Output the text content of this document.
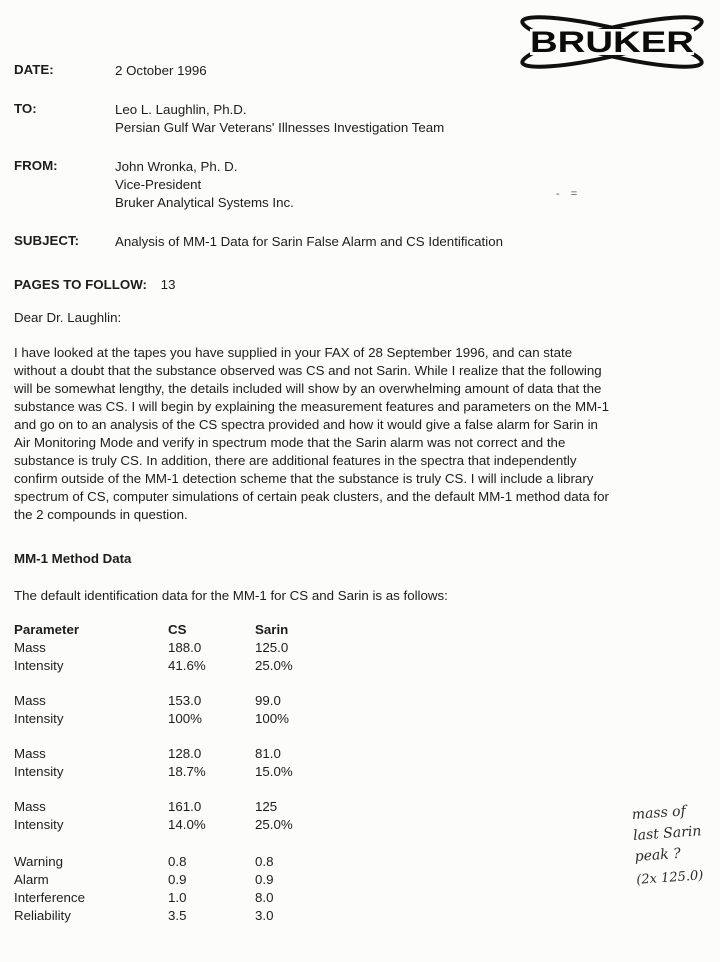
BRUKER
- =
DATE:	2 October 1996
TO:	Leo L. Laughlin, Ph.D.
Persian Gulf War Veterans' Illnesses Investigation Team
FROM:	John Wronka, Ph. D.
Vice-President
Bruker Analytical Systems Inc.
SUBJECT:	Analysis of MM-1 Data for Sarin False Alarm and CS Identification
PAGES TO FOLLOW: 13
Dear Dr. Laughlin:
I have looked at the tapes you have supplied in your FAX of 28 September 1996, and can state without a doubt that the substance observed was CS and not Sarin. While I realize that the following will be somewhat lengthy, the details included will show by an overwhelming amount of data that the substance was CS. I will begin by explaining the measurement features and parameters on the MM-1 and go on to an analysis of the CS spectra provided and how it would give a false alarm for Sarin in Air Monitoring Mode and verify in spectrum mode that the Sarin alarm was not correct and the substance is truly CS. In addition, there are additional features in the spectra that independently confirm outside of the MM-1 detection scheme that the substance is truly CS. I will include a library spectrum of CS, computer simulations of certain peak clusters, and the default MM-1 method data for the 2 compounds in question.
MM-1 Method Data
The default identification data for the MM-1 for CS and Sarin is as follows:
Parameter	CS	Sarin
Mass	188.0	125.0
Intensity	41.6%	25.0%
Mass	153.0	99.0
Intensity	100%	100%
Mass	128.0	81.0
Intensity	18.7%	15.0%
Mass	161.0	125
Intensity	14.0%	25.0%
Warning	0.8	0.8
Alarm	0.9	0.9
Interference	1.0	8.0
Reliability	3.5	3.0
mass of
last Sarin
peak ?
(2x 125.0)
